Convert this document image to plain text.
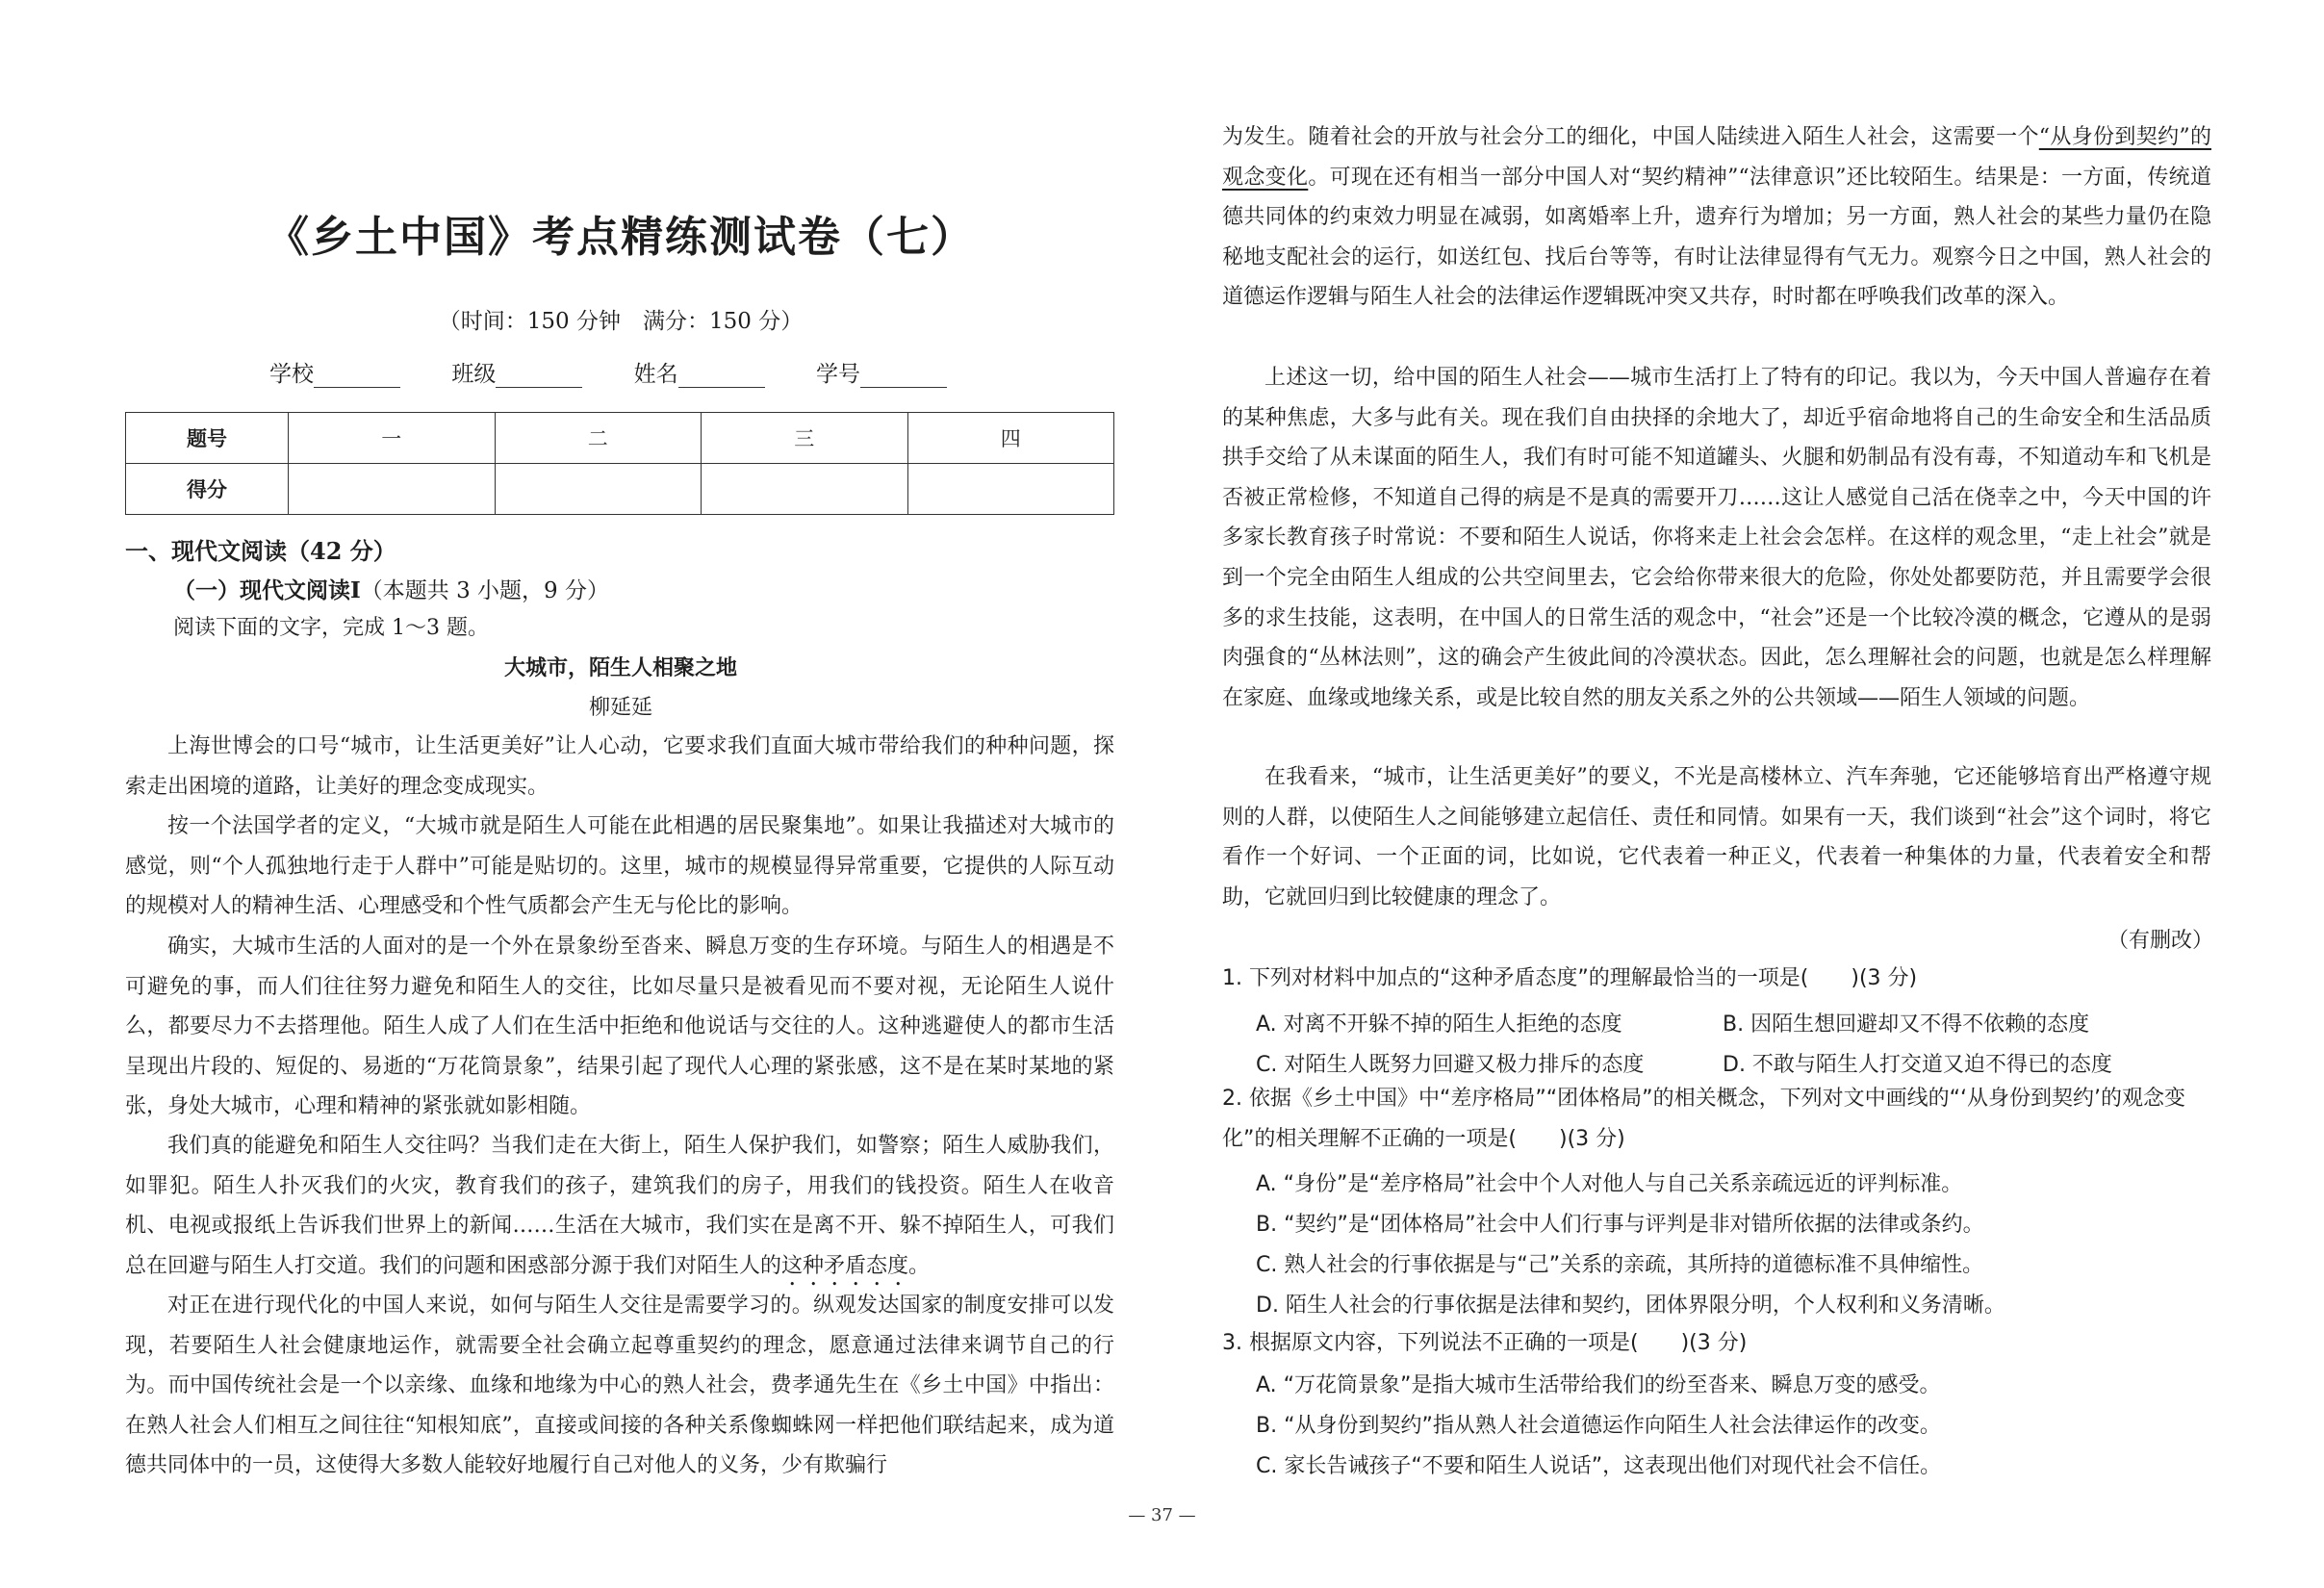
《乡土中国》考点精练测试卷（七）
（时间：150 分钟　满分：150 分）
学校	班级	姓名	学号
题号	一	二	三	四
得分				
一、现代文阅读（42 分）
（一）现代文阅读Ⅰ（本题共 3 小题，9 分）
阅读下面的文字，完成 1～3 题。
大城市，陌生人相聚之地
柳延延

上海世博会的口号“城市，让生活更美好”让人心动，它要求我们直面大城市带给我们的种种问题，探索走出困境的道路，让美好的理念变成现实。

按一个法国学者的定义，“大城市就是陌生人可能在此相遇的居民聚集地”。如果让我描述对大城市的感觉，则“个人孤独地行走于人群中”可能是贴切的。这里，城市的规模显得异常重要，它提供的人际互动的规模对人的精神生活、心理感受和个性气质都会产生无与伦比的影响。

确实，大城市生活的人面对的是一个外在景象纷至沓来、瞬息万变的生存环境。与陌生人的相遇是不可避免的事，而人们往往努力避免和陌生人的交往，比如尽量只是被看见而不要对视，无论陌生人说什么，都要尽力不去搭理他。陌生人成了人们在生活中拒绝和他说话与交往的人。这种逃避使人的都市生活呈现出片段的、短促的、易逝的“万花筒景象”，结果引起了现代人心理的紧张感，这不是在某时某地的紧张，身处大城市，心理和精神的紧张就如影相随。

我们真的能避免和陌生人交往吗？当我们走在大街上，陌生人保护我们，如警察；陌生人威胁我们，如罪犯。陌生人扑灭我们的火灾，教育我们的孩子，建筑我们的房子，用我们的钱投资。陌生人在收音机、电视或报纸上告诉我们世界上的新闻……生活在大城市，我们实在是离不开、躲不掉陌生人，可我们总在回避与陌生人打交道。我们的问题和困惑部分源于我们对陌生人的这种矛盾态度。

对正在进行现代化的中国人来说，如何与陌生人交往是需要学习的。纵观发达国家的制度安排可以发现，若要陌生人社会健康地运作，就需要全社会确立起尊重契约的理念，愿意通过法律来调节自己的行为。而中国传统社会是一个以亲缘、血缘和地缘为中心的熟人社会，费孝通先生在《乡土中国》中指出：在熟人社会人们相互之间往往“知根知底”，直接或间接的各种关系像蜘蛛网一样把他们联结起来，成为道德共同体中的一员，这使得大多数人能较好地履行自己对他人的义务，少有欺骗行

为发生。随着社会的开放与社会分工的细化，中国人陆续进入陌生人社会，这需要一个“从身份到契约”的观念变化。可现在还有相当一部分中国人对“契约精神”“法律意识”还比较陌生。结果是：一方面，传统道德共同体的约束效力明显在减弱，如离婚率上升，遗弃行为增加；另一方面，熟人社会的某些力量仍在隐秘地支配社会的运行，如送红包、找后台等等，有时让法律显得有气无力。观察今日之中国，熟人社会的道德运作逻辑与陌生人社会的法律运作逻辑既冲突又共存，时时都在呼唤我们改革的深入。

上述这一切，给中国的陌生人社会——城市生活打上了特有的印记。我以为，今天中国人普遍存在着的某种焦虑，大多与此有关。现在我们自由抉择的余地大了，却近乎宿命地将自己的生命安全和生活品质拱手交给了从未谋面的陌生人，我们有时可能不知道罐头、火腿和奶制品有没有毒，不知道动车和飞机是否被正常检修，不知道自己得的病是不是真的需要开刀……这让人感觉自己活在侥幸之中，今天中国的许多家长教育孩子时常说：不要和陌生人说话，你将来走上社会会怎样。在这样的观念里，“走上社会”就是到一个完全由陌生人组成的公共空间里去，它会给你带来很大的危险，你处处都要防范，并且需要学会很多的求生技能，这表明，在中国人的日常生活的观念中，“社会”还是一个比较冷漠的概念，它遵从的是弱肉强食的“丛林法则”，这的确会产生彼此间的冷漠状态。因此，怎么理解社会的问题，也就是怎么样理解在家庭、血缘或地缘关系，或是比较自然的朋友关系之外的公共领域——陌生人领域的问题。

在我看来，“城市，让生活更美好”的要义，不光是高楼林立、汽车奔驰，它还能够培育出严格遵守规则的人群，以使陌生人之间能够建立起信任、责任和同情。如果有一天，我们谈到“社会”这个词时，将它看作一个好词、一个正面的词，比如说，它代表着一种正义，代表着一种集体的力量，代表着安全和帮助，它就回归到比较健康的理念了。

（有删改）
1. 下列对材料中加点的“这种矛盾态度”的理解最恰当的一项是(　　)(3 分)
A. 对离不开躲不掉的陌生人拒绝的态度	B. 因陌生想回避却又不得不依赖的态度
C. 对陌生人既努力回避又极力排斥的态度	D. 不敢与陌生人打交道又迫不得已的态度

2. 依据《乡土中国》中“差序格局”“团体格局”的相关概念，下列对文中画线的“‘从身份到契约’的观念变化”的相关理解不正确的一项是(　　)(3 分)

A. “身份”是“差序格局”社会中个人对他人与自己关系亲疏远近的评判标准。
B. “契约”是“团体格局”社会中人们行事与评判是非对错所依据的法律或条约。
C. 熟人社会的行事依据是与“己”关系的亲疏，其所持的道德标准不具伸缩性。
D. 陌生人社会的行事依据是法律和契约，团体界限分明，个人权利和义务清晰。
3. 根据原文内容，下列说法不正确的一项是(　　)(3 分)
A. “万花筒景象”是指大城市生活带给我们的纷至沓来、瞬息万变的感受。
B. “从身份到契约”指从熟人社会道德运作向陌生人社会法律运作的改变。
C. 家长告诫孩子“不要和陌生人说话”，这表现出他们对现代社会不信任。
— 37 —
